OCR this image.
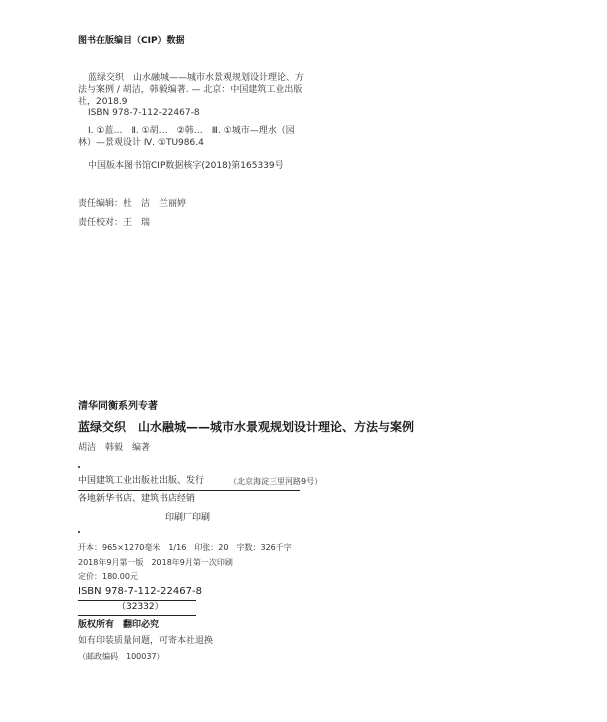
图书在版编目（CIP）数据
蓝绿交织　山水融城——城市水景观规划设计理论、方
法与案例 / 胡洁，韩毅编著. — 北京：中国建筑工业出版
社，2018.9
ISBN 978-7-112-22467-8
Ⅰ. ①蓝…　Ⅱ. ①胡…　②韩…　Ⅲ. ①城市—理水（园
林）—景观设计 Ⅳ. ①TU986.4
中国版本图书馆CIP数据核字(2018)第165339号
责任编辑：杜　洁　兰丽婷
责任校对：王　瑞
清华同衡系列专著
蓝绿交织　山水融城——城市水景观规划设计理论、方法与案例
胡洁　韩毅　编著
中国建筑工业出版社出版、发行	（北京海淀三里河路9号）
各地新华书店、建筑书店经销
印刷厂印刷
开本：965×1270毫米　1/16　印张：20　字数：326千字
2018年9月第一版　2018年9月第一次印刷
定价：180.00元
ISBN 978-7-112-22467-8
（32332）
版权所有　翻印必究
如有印装质量问题，可寄本社退换
（邮政编码　100037）
